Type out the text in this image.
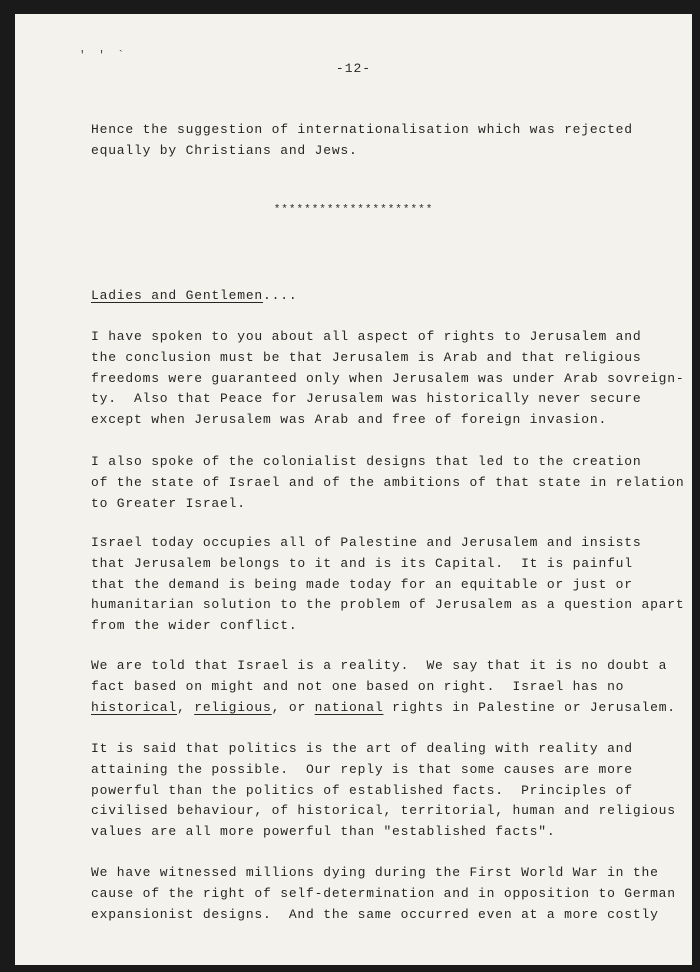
' ′ `
-12-
Hence the suggestion of internationalisation which was rejected
equally by Christians and Jews.
*********************
Ladies and Gentlemen....
I have spoken to you about all aspect of rights to Jerusalem and
the conclusion must be that Jerusalem is Arab and that religious
freedoms were guaranteed only when Jerusalem was under Arab sovreign-
ty.  Also that Peace for Jerusalem was historically never secure
except when Jerusalem was Arab and free of foreign invasion.
I also spoke of the colonialist designs that led to the creation
of the state of Israel and of the ambitions of that state in relation
to Greater Israel.
Israel today occupies all of Palestine and Jerusalem and insists
that Jerusalem belongs to it and is its Capital.  It is painful
that the demand is being made today for an equitable or just or
humanitarian solution to the problem of Jerusalem as a question apart
from the wider conflict.
We are told that Israel is a reality.  We say that it is no doubt a
fact based on might and not one based on right.  Israel has no
historical, religious, or national rights in Palestine or Jerusalem.
It is said that politics is the art of dealing with reality and
attaining the possible.  Our reply is that some causes are more
powerful than the politics of established facts.  Principles of
civilised behaviour, of historical, territorial, human and religious
values are all more powerful than "established facts".
We have witnessed millions dying during the First World War in the
cause of the right of self-determination and in opposition to German
expansionist designs.  And the same occurred even at a more costly
